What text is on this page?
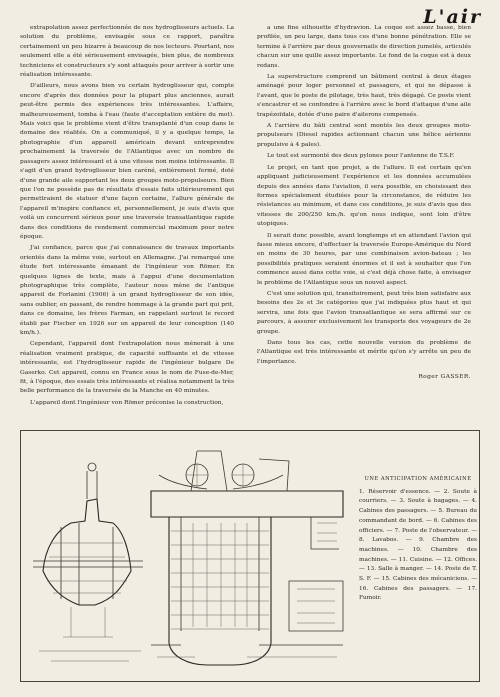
L'air

extrapolation assez perfectionnée de nos hydroglisseurs actuels. La solution du problème, envisagée sous ce rapport, paraîtra certainement un peu bizarre à beaucoup de nos lecteurs. Pourtant, nos seulement elle a été sérieusement envisagée, bien plus, de nombreux techniciens et constructeurs s'y sont attaqués pour arriver à sortir une réalisation intéressante.

D'ailleurs, nous avons bien vu certain hydroglisseur qui, compte encore d'après des données pour la plupart plus anciennes, aurait peut-être permis des expériences très intéressantes. L'affaire, malheureusement, tomba à l'eau (faute d'acceptation entière du mot). Mais voici que le problème vient d'être transplanté d'un coup dans le domaine des réalités. On a communiqué, il y a quelque temps, la photographie d'un appareil américain devant entreprendre prochainement la traversée de l'Atlantique avec un nombre de passagers assez intéressant et à une vitesse non moins intéressante. Il s'agit d'un grand hydroglisseur bien caréné, entièrement fermé, doté d'une grande aile supportant les deux groupes moto-propulseurs. Bien que l'on ne possède pas de résultats d'essais faits ultérieurement qui permettraient de statuer d'une façon certaine, l'allure générale de l'appareil m'inspire confiance et, personnellement, je suis d'avis que voilà un concurrent sérieux pour une traversée transatlantique rapide dans des conditions de rendement commercial maximum pour notre époque.

J'ai confiance, parce que j'ai connaissance de travaux importants orientés dans la même voie, surtout en Allemagne. J'ai remarqué une étude fort intéressante émanant de l'ingénieur von Römer. En quelques lignes de texte, mais à l'appui d'une documentation photographique très complète, l'auteur nous mène de l'antique appareil de Forlanini (1906) à un grand hydroglisseur de son idée, sans oublier, en passant, de rendre hommage à la grande part qui prit, dans ce domaine, les frères Farman, en rappelant surtout le record établi par Fischer en 1926 sur un appareil de leur conception (140 km/h.).

Cependant, l'appareil dont l'extrapolation nous mènerait à une réalisation vraiment pratique, de capacité suffisante et de vitesse intéressante, est l'hydroglisseur rapide de l'ingénieur bulgare De Gaserko. Cet appareil, connu en France sous le nom de Fuse-de-Mer, fit, à l'époque, des essais très intéressants et réalisa notamment la très belle performance de la traversée de la Manche en 40 minutes.

L'appareil dont l'ingénieur von Römer préconise la construction,

a une fine silhouette d'hydravion. La coque est assez basse, bien profilée, un peu large, dans tous ces d'une bonne pénétration. Elle se termine à l'arrière par deux gouvernails de direction jumelés, articulés chacun sur une quille assez importante. Le fond de la coque est à deux redans.

La superstructure comprend un bâtiment central à deux étages aménagé pour loger personnel et passagers, et qui ne dépasse à l'avant, que le poste de pilotage, très haut, très dégagé. Ce poste vient s'encastrer et se confondre à l'arrière avec le bord d'attaque d'une aile trapézoïdale, dotée d'une paire d'ailerons compensés.

A l'arrière du bâti central sont montés les deux groupes moto-propulseurs (Diesel rapides actionnant chacun une hélice aérienne propulsive à 4 pales).

Le tout est surmonté des deux pylones pour l'antenne de T.S.F.

Le projet, en tant que projet, a de l'allure. Il est certain qu'en appliquant judicieusement l'expérience et les données accumulées depuis des années dans l'aviation, il sera possible, en choisissant des formes spécialement étudiées pour la circonstance, de réduire les résistances au minimum, et dans ces conditions, je suis d'avis que des vitesses de 200/250 km./h. qu'on nous indique, sont loin d'être utopiques.

Il serait donc possible, avant longtemps et en attendant l'avion qui fasse mieux encore, d'effectuer la traversée Europe-Amérique du Nord en moins de 30 heures, par une combinaison avion-bateau ; les possibilités pratiques seraient énormes et il est à souhaiter que l'on commence aussi dans cette voie, si c'est déjà chose faite, à envisager le problème de l'Atlantique sous un nouvel aspect.

C'est une solution qui, transitoirement, peut très bien satisfaire aux besoins des 2e et 3e catégories que j'ai indiquées plus haut et qui servira, une fois que l'avion transatlantique se sera affirmé sur ce parcours, à assurer exclusivement les transports des voyageurs de 2e groupe.

Dans tous les cas, cette nouvelle version du problème de l'Atlantique est très intéressante et mérite qu'on s'y arrête un peu de l'importance.

Roger GASSER.
UNE ANTICIPATION AMÉRICAINE
1. Réservoir d'essence. — 2. Soute à courriers. — 3. Soute à bagages. — 4. Cabines des passagers. — 5. Bureau du commandant de bord. — 6. Cabines des officiers. — 7. Poste de l'observateur. — 8. Lavabos. — 9. Chambre des machines. — 10. Chambre des machines. — 11. Cuisine. — 12. Offices. — 13. Salle à manger. — 14. Poste de T. S. F. — 15. Cabines des mécaniciens. — 16. Cabines des passagers. — 17. Fumoir.
